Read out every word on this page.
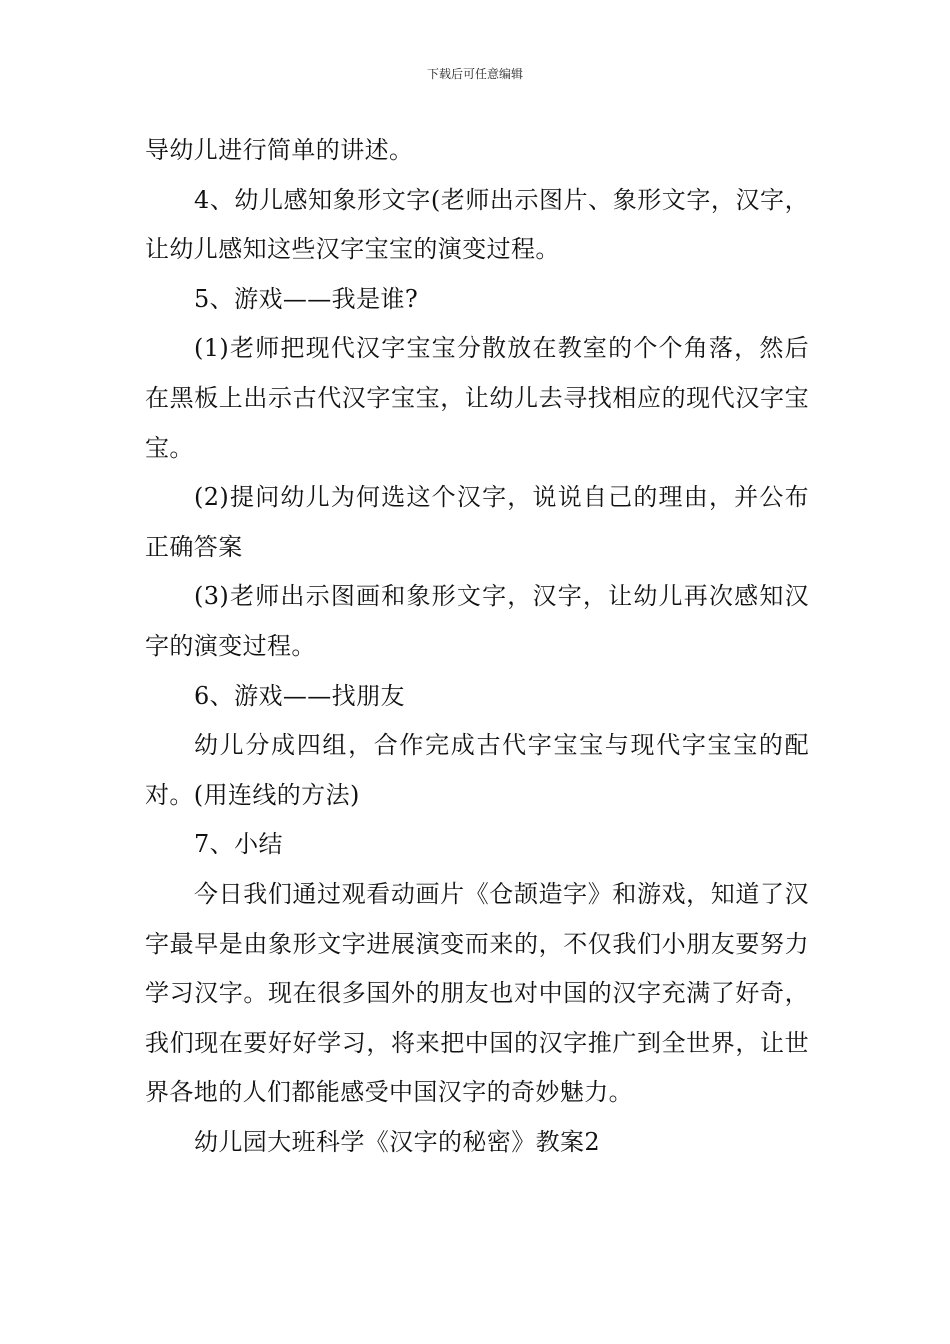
下载后可任意编辑

导幼儿进行简单的讲述。

4、幼儿感知象形文字(老师出示图片、象形文字，汉字，让幼儿感知这些汉字宝宝的演变过程。

5、游戏——我是谁?

(1)老师把现代汉字宝宝分散放在教室的个个角落，然后在黑板上出示古代汉字宝宝，让幼儿去寻找相应的现代汉字宝宝。

(2)提问幼儿为何选这个汉字，说说自己的理由，并公布正确答案

(3)老师出示图画和象形文字，汉字，让幼儿再次感知汉字的演变过程。

6、游戏——找朋友

幼儿分成四组，合作完成古代字宝宝与现代字宝宝的配对。(用连线的方法)

7、小结

今日我们通过观看动画片《仓颉造字》和游戏，知道了汉字最早是由象形文字进展演变而来的，不仅我们小朋友要努力学习汉字。现在很多国外的朋友也对中国的汉字充满了好奇，我们现在要好好学习，将来把中国的汉字推广到全世界，让世界各地的人们都能感受中国汉字的奇妙魅力。

幼儿园大班科学《汉字的秘密》教案2
